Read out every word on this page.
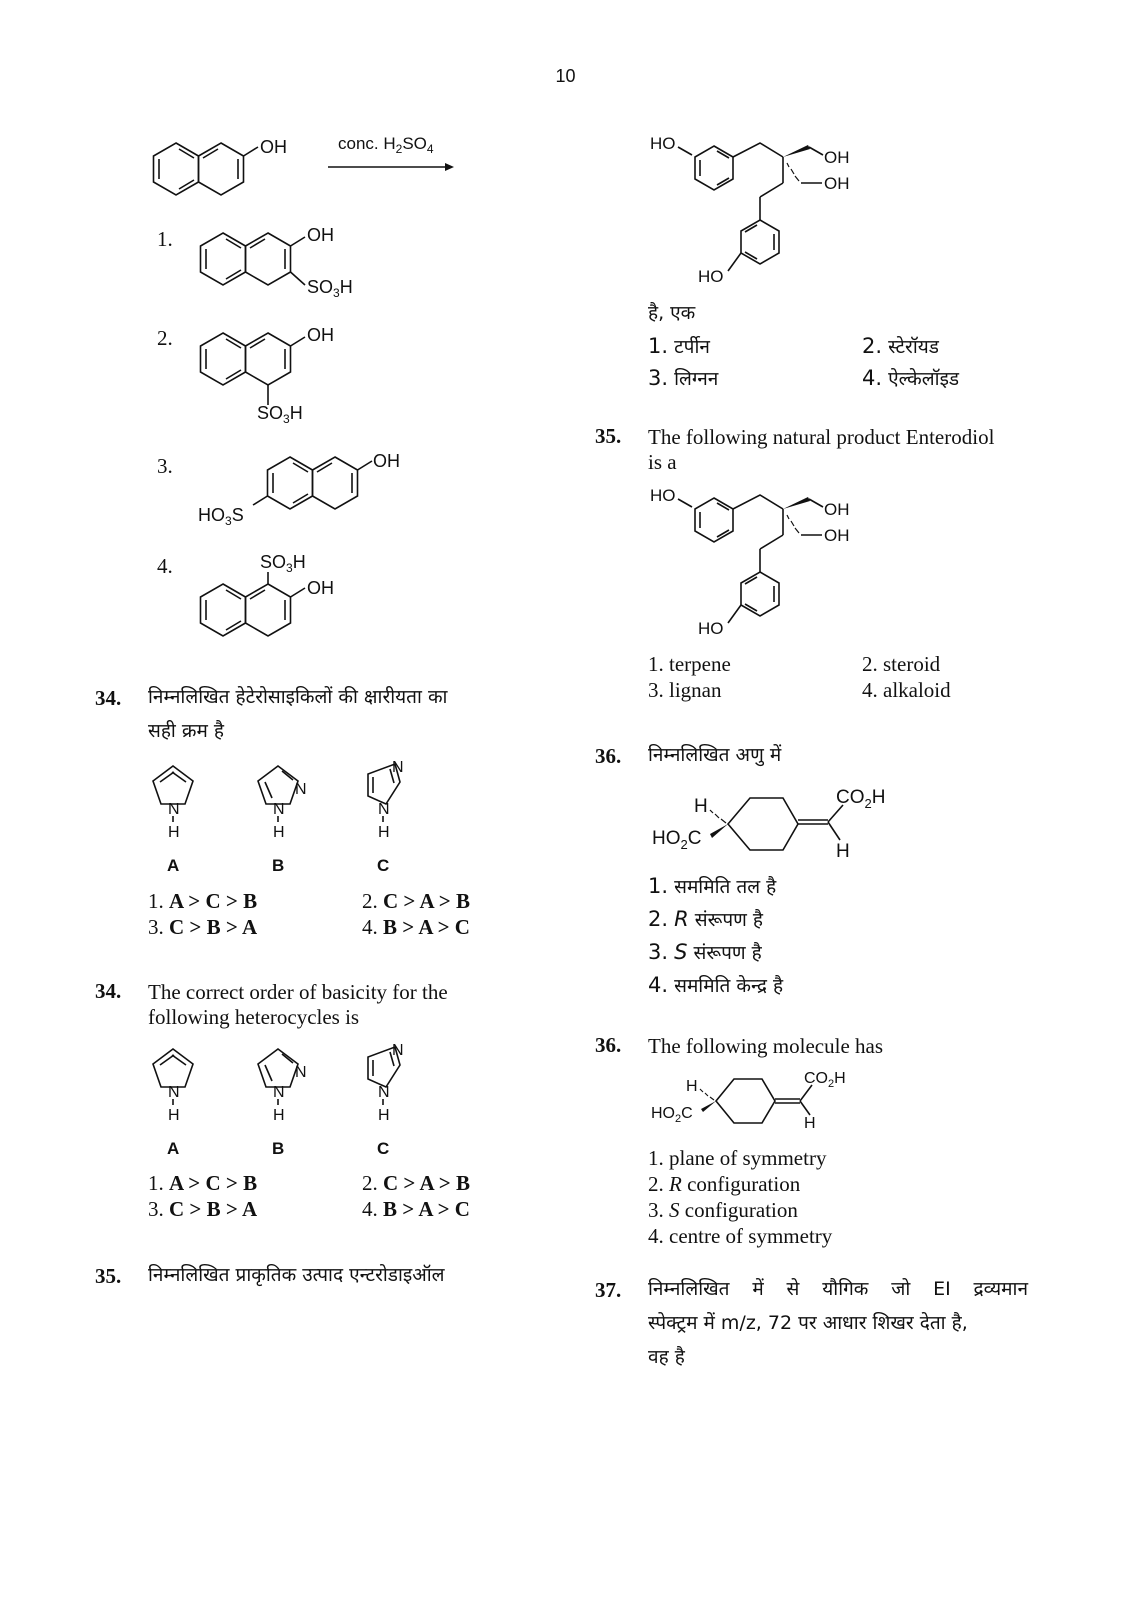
10
OH	conc. $H_2SO_4$
1.	OH
$SO_3H$
2.	OH
$SO_3H$
3.	OH
$HO_3S$
4.	$SO_3H$
OH
34. निम्नलिखित हेटेरोसाइकिलों की क्षारीयता का
सही क्रम है
N
H
A
N
N
H
B
N
N
H
C
1. A > C > B	2. C > A > B
3. C > B > A	4. B > A > C
34. The correct order of basicity for the
following heterocycles is
N
H
A
N
N
H
B
N
N
H
C
1. A > C > B	2. C > A > B
3. C > B > A	4. B > A > C
35. निम्नलिखित प्राकृतिक उत्पाद एन्टरोडाइऑल
HO
OH
OH
HO
है, एक
1. टर्पीन	2. स्टेरॉयड
3. लिग्नन	4. ऐल्केलॉइड
35. The following natural product Enterodiol
is a
HO
OH
OH
HO
1. terpene	2. steroid
3. lignan	4. alkaloid
36. निम्नलिखित अणु में
H
$HO_2C$
$CO_2H$
H
1. सममिति तल है
2. R संरूपण है
3. S संरूपण है
4. सममिति केन्द्र है
36. The following molecule has
H
$HO_2C$
$CO_2H$
H
1. plane of symmetry
2. R configuration
3. S configuration
4. centre of symmetry
37. निम्नलिखित में से यौगिक जो EI द्रव्यमान
स्पेक्ट्रम में m/z, 72 पर आधार शिखर देता है,
वह है
